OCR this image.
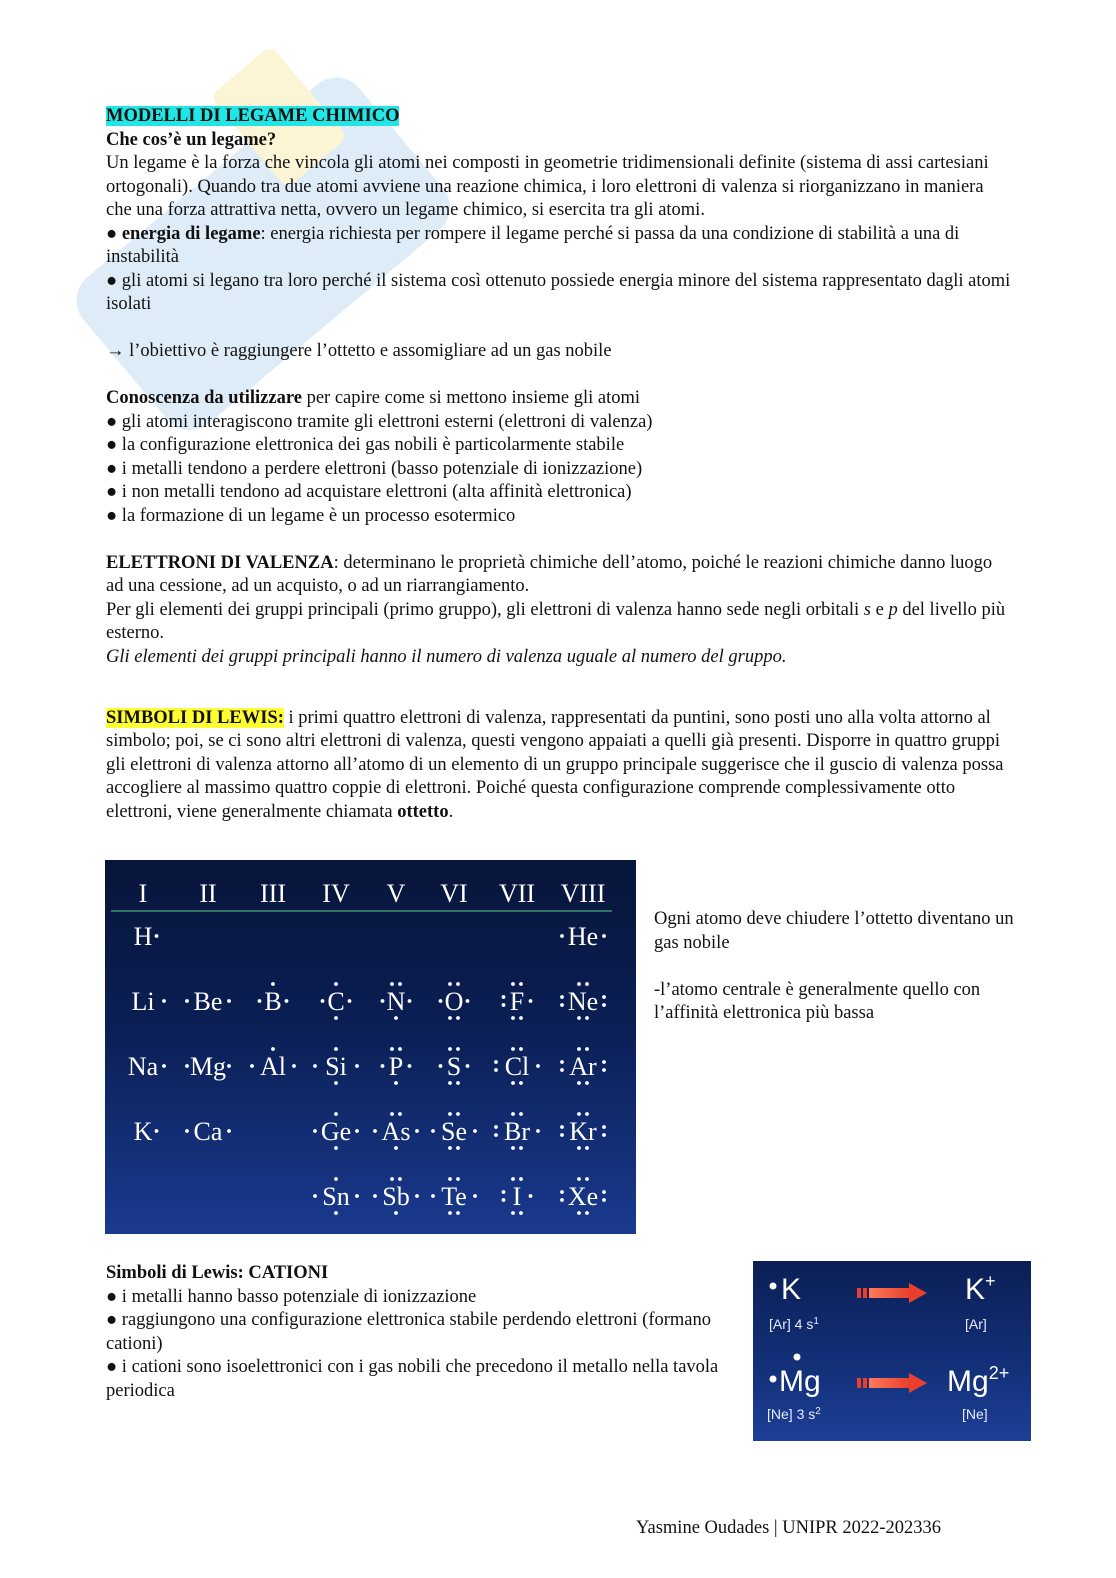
MODELLI DI LEGAME CHIMICO

Che cos’è un legame?

Un legame è la forza che vincola gli atomi nei composti in geometrie tridimensionali definite (sistema di assi cartesiani ortogonali). Quando tra due atomi avviene una reazione chimica, i loro elettroni di valenza si riorganizzano in maniera che una forza attrattiva netta, ovvero un legame chimico, si esercita tra gli atomi.

● energia di legame: energia richiesta per rompere il legame perché si passa da una condizione di stabilità a una di instabilità

● gli atomi si legano tra loro perché il sistema così ottenuto possiede energia minore del sistema rappresentato dagli atomi isolati

→ l’obiettivo è raggiungere l’ottetto e assomigliare ad un gas nobile

Conoscenza da utilizzare per capire come si mettono insieme gli atomi

● gli atomi interagiscono tramite gli elettroni esterni (elettroni di valenza)

● la configurazione elettronica dei gas nobili è particolarmente stabile

● i metalli tendono a perdere elettroni (basso potenziale di ionizzazione)

● i non metalli tendono ad acquistare elettroni (alta affinità elettronica)

● la formazione di un legame è un processo esotermico

ELETTRONI DI VALENZA: determinano le proprietà chimiche dell’atomo, poiché le reazioni chimiche danno luogo ad una cessione, ad un acquisto, o ad un riarrangiamento.

Per gli elementi dei gruppi principali (primo gruppo), gli elettroni di valenza hanno sede negli orbitali s e p del livello più esterno.

Gli elementi dei gruppi principali hanno il numero di valenza uguale al numero del gruppo.

SIMBOLI DI LEWIS: i primi quattro elettroni di valenza, rappresentati da puntini, sono posti uno alla volta attorno al simbolo; poi, se ci sono altri elettroni di valenza, questi vengono appaiati a quelli già presenti. Disporre in quattro gruppi gli elettroni di valenza attorno all’atomo di un elemento di un gruppo principale suggerisce che il guscio di valenza possa accogliere al massimo quattro coppie di elettroni. Poiché questa configurazione comprende complessivamente otto elettroni, viene generalmente chiamata ottetto.

I II III IV V VI VII VIII
H	He
Li Be B C N O F Ne
Na Mg Al Si P S Cl Ar
K Ca	Ge As Se Br Kr
Sn Sb Te I Xe

Ogni atomo deve chiudere l’ottetto diventano un gas nobile

-l’atomo centrale è generalmente quello con l’affinità elettronica più bassa

Simboli di Lewis: CATIONI

● i metalli hanno basso potenziale di ionizzazione

● raggiungono una configurazione elettronica stabile perdendo elettroni (formano cationi)

● i cationi sono isoelettronici con i gas nobili che precedono il metallo nella tavola periodica

K
[Ar] 4 $s^1$
K+
[Ar]
Mg
[Ne] 3 $s^2$
$Mg^{2+}$
[Ne]
Yasmine Oudades | UNIPR 2022-202336
